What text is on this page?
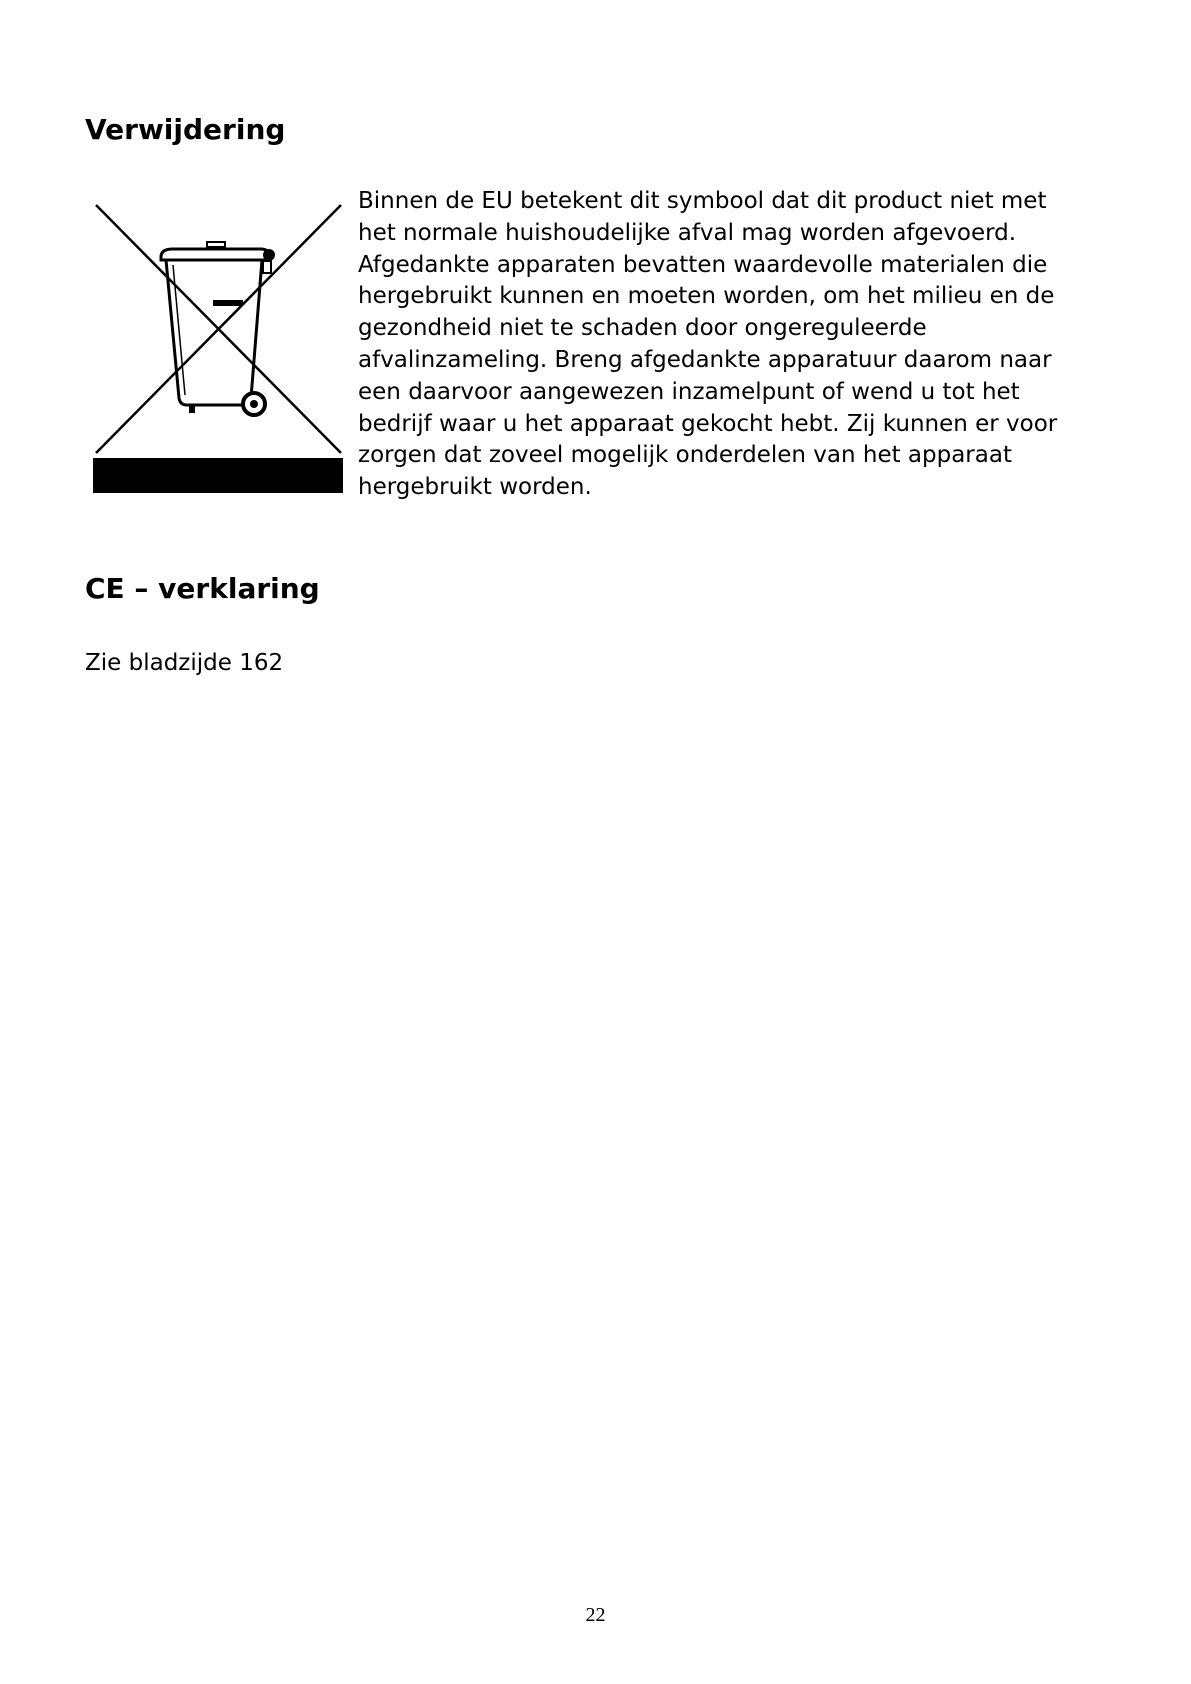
Verwijdering

Binnen de EU betekent dit symbool dat dit product niet met
het normale huishoudelijke afval mag worden afgevoerd.
Afgedankte apparaten bevatten waardevolle materialen die
hergebruikt kunnen en moeten worden, om het milieu en de
gezondheid niet te schaden door ongereguleerde
afvalinzameling. Breng afgedankte apparatuur daarom naar
een daarvoor aangewezen inzamelpunt of wend u tot het
bedrijf waar u het apparaat gekocht hebt. Zij kunnen er voor
zorgen dat zoveel mogelijk onderdelen van het apparaat
hergebruikt worden.

CE – verklaring

Zie bladzijde 162

22
